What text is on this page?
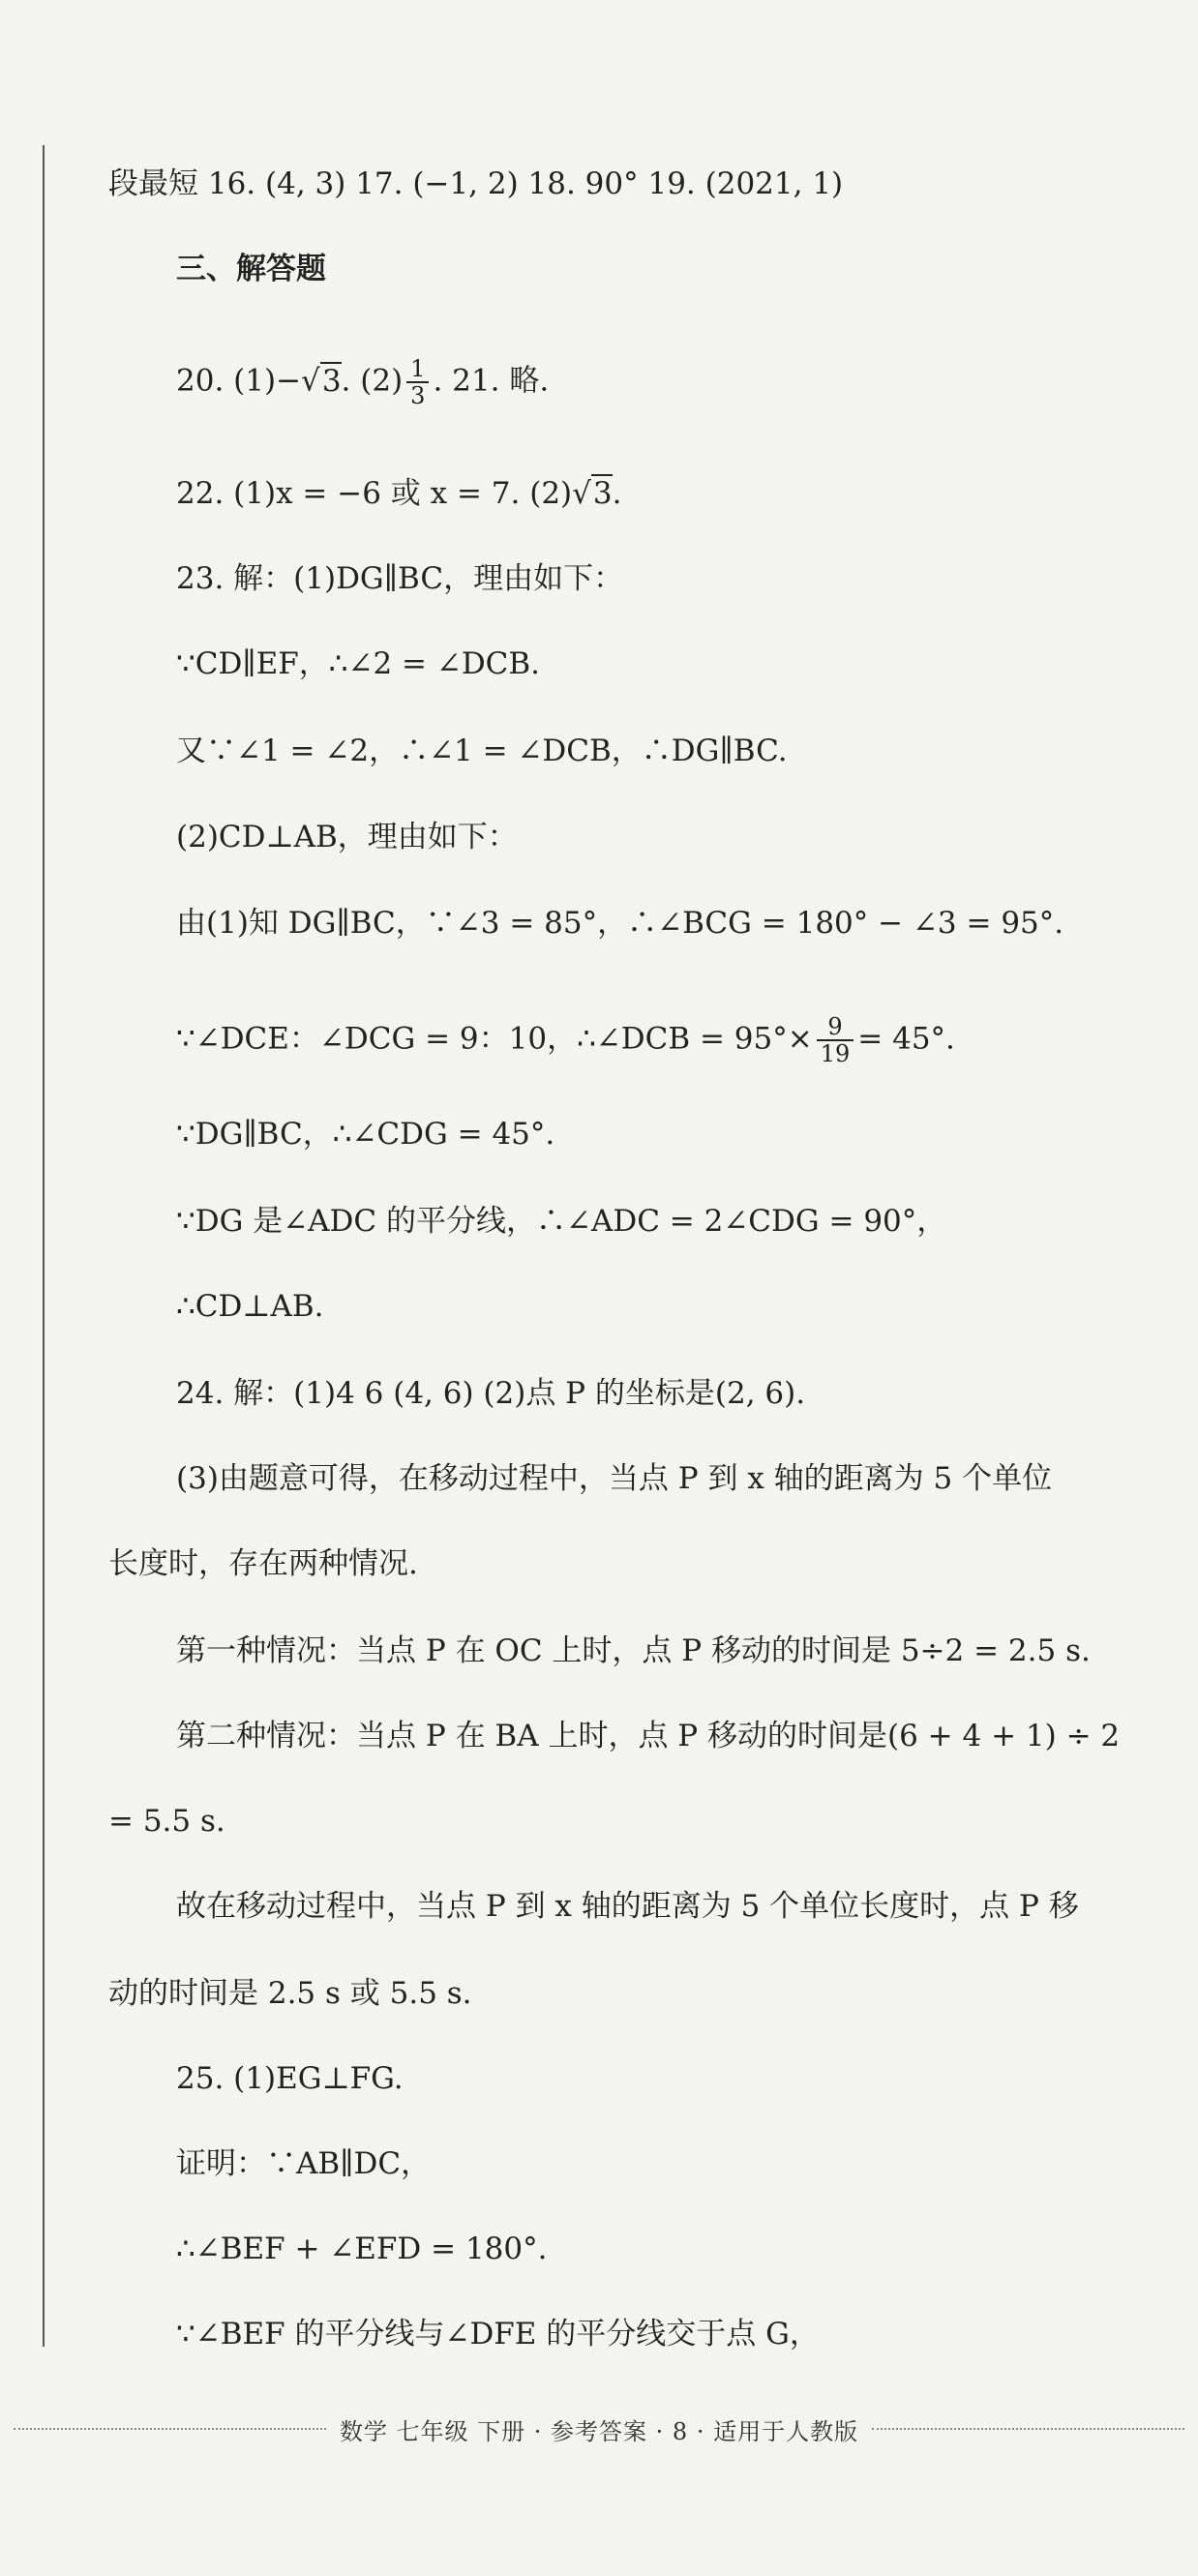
段最短 16. (4, 3) 17. (−1, 2) 18. 90° 19. (2021, 1)
三、解答题
20. (1)−√3. $(2) \frac{1}{3}$ . 21. 略.
22. (1)x = −6 或 x = 7. (2)√3.
23. 解：(1)DG∥BC，理由如下：
∵CD∥EF，∴∠2 = ∠DCB.
又∵∠1 = ∠2，∴∠1 = ∠DCB，∴DG∥BC.
(2)CD⊥AB，理由如下：
由(1)知 DG∥BC，∵∠3 = 85°，∴∠BCG = 180° − ∠3 = 95°.
∵∠DCE：∠DCG = 9：10，∴∠DCB = $95^\circ\times \frac{9}{19} = 45^\circ$.
∵DG∥BC，∴∠CDG = 45°.
∵DG 是∠ADC 的平分线，∴∠ADC = 2∠CDG = 90°，
∴CD⊥AB.
24. 解：(1)4 6 (4, 6) (2)点 P 的坐标是(2, 6).
(3)由题意可得，在移动过程中，当点 P 到 x 轴的距离为 5 个单位
长度时，存在两种情况.
第一种情况：当点 P 在 OC 上时，点 P 移动的时间是 5÷2 = 2.5 s.
第二种情况：当点 P 在 BA 上时，点 P 移动的时间是(6 + 4 + 1) ÷ 2
= 5.5 s.
故在移动过程中，当点 P 到 x 轴的距离为 5 个单位长度时，点 P 移
动的时间是 2.5 s 或 5.5 s.
25. (1)EG⊥FG.
证明：∵AB∥DC，
∴∠BEF + ∠EFD = 180°.
∵∠BEF 的平分线与∠DFE 的平分线交于点 G，
数学 七年级 下册 · 参考答案 · 8 · 适用于人教版
